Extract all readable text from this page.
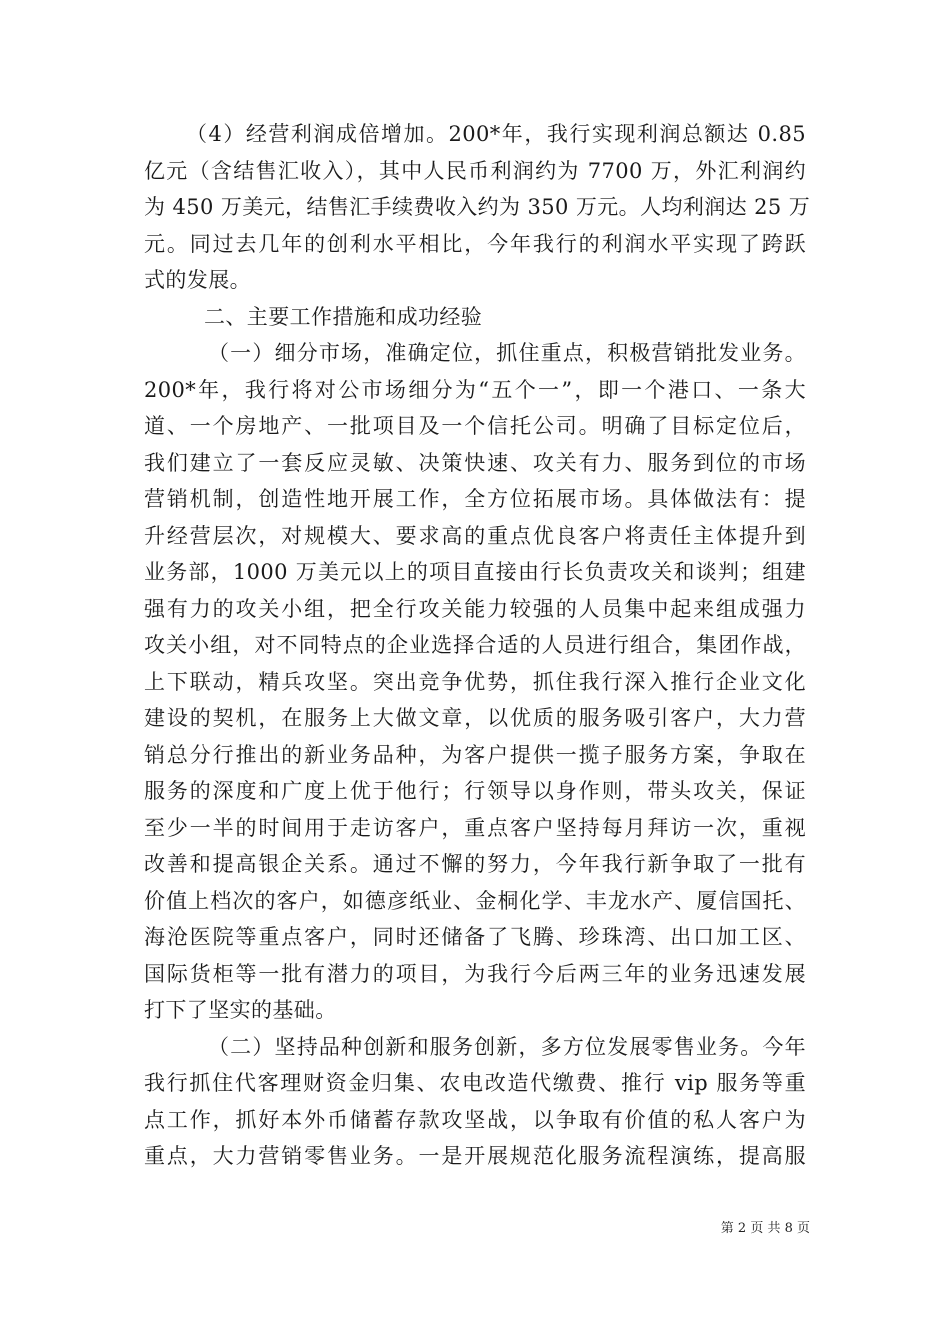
（4）经营利润成倍增加。200*年，我行实现利润总额达 0.85
亿元（含结售汇收入），其中人民币利润约为 7700 万，外汇利润约
为 450 万美元，结售汇手续费收入约为 350 万元。人均利润达 25 万
元。同过去几年的创利水平相比，今年我行的利润水平实现了跨跃
式的发展。
二、主要工作措施和成功经验
（一）细分市场，准确定位，抓住重点，积极营销批发业务。
200*年，我行将对公市场细分为“五个一”，即一个港口、一条大
道、一个房地产、一批项目及一个信托公司。明确了目标定位后，
我们建立了一套反应灵敏、决策快速、攻关有力、服务到位的市场
营销机制，创造性地开展工作，全方位拓展市场。具体做法有：提
升经营层次，对规模大、要求高的重点优良客户将责任主体提升到
业务部，1000 万美元以上的项目直接由行长负责攻关和谈判；组建
强有力的攻关小组，把全行攻关能力较强的人员集中起来组成强力
攻关小组，对不同特点的企业选择合适的人员进行组合，集团作战，
上下联动，精兵攻坚。突出竞争优势，抓住我行深入推行企业文化
建设的契机，在服务上大做文章，以优质的服务吸引客户，大力营
销总分行推出的新业务品种，为客户提供一揽子服务方案，争取在
服务的深度和广度上优于他行；行领导以身作则，带头攻关，保证
至少一半的时间用于走访客户，重点客户坚持每月拜访一次，重视
改善和提高银企关系。通过不懈的努力，今年我行新争取了一批有
价值上档次的客户，如德彦纸业、金桐化学、丰龙水产、厦信国托、
海沧医院等重点客户，同时还储备了飞腾、珍珠湾、出口加工区、
国际货柜等一批有潜力的项目，为我行今后两三年的业务迅速发展
打下了坚实的基础。
（二）坚持品种创新和服务创新，多方位发展零售业务。今年
我行抓住代客理财资金归集、农电改造代缴费、推行 vip 服务等重
点工作，抓好本外币储蓄存款攻坚战，以争取有价值的私人客户为
重点，大力营销零售业务。一是开展规范化服务流程演练，提高服
第 2 页 共 8 页
